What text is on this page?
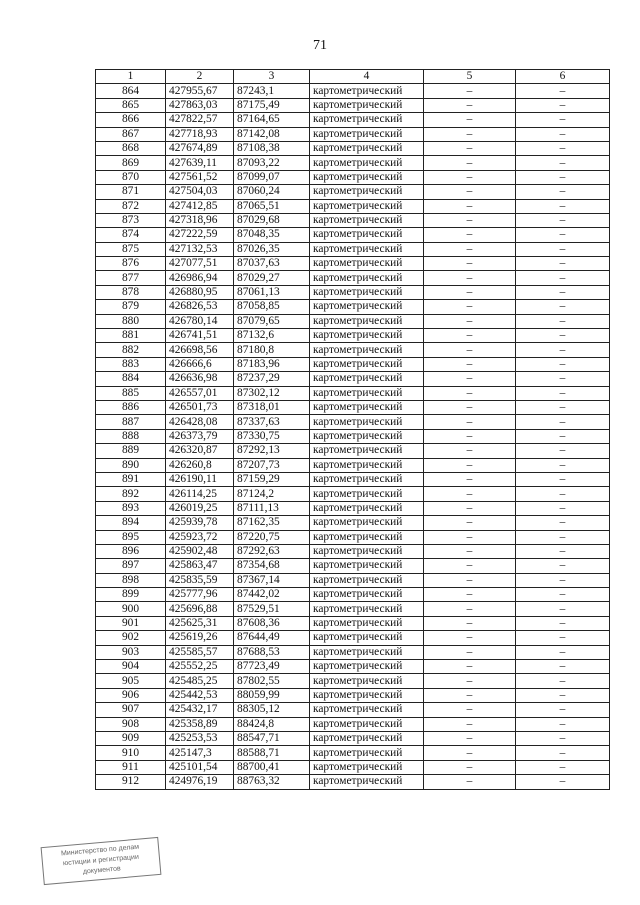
71
1	2	3	4	5	6
864	427955,67	87243,1	картометрический	–	–
865	427863,03	87175,49	картометрический	–	–
866	427822,57	87164,65	картометрический	–	–
867	427718,93	87142,08	картометрический	–	–
868	427674,89	87108,38	картометрический	–	–
869	427639,11	87093,22	картометрический	–	–
870	427561,52	87099,07	картометрический	–	–
871	427504,03	87060,24	картометрический	–	–
872	427412,85	87065,51	картометрический	–	–
873	427318,96	87029,68	картометрический	–	–
874	427222,59	87048,35	картометрический	–	–
875	427132,53	87026,35	картометрический	–	–
876	427077,51	87037,63	картометрический	–	–
877	426986,94	87029,27	картометрический	–	–
878	426880,95	87061,13	картометрический	–	–
879	426826,53	87058,85	картометрический	–	–
880	426780,14	87079,65	картометрический	–	–
881	426741,51	87132,6	картометрический	–	–
882	426698,56	87180,8	картометрический	–	–
883	426666,6	87183,96	картометрический	–	–
884	426636,98	87237,29	картометрический	–	–
885	426557,01	87302,12	картометрический	–	–
886	426501,73	87318,01	картометрический	–	–
887	426428,08	87337,63	картометрический	–	–
888	426373,79	87330,75	картометрический	–	–
889	426320,87	87292,13	картометрический	–	–
890	426260,8	87207,73	картометрический	–	–
891	426190,11	87159,29	картометрический	–	–
892	426114,25	87124,2	картометрический	–	–
893	426019,25	87111,13	картометрический	–	–
894	425939,78	87162,35	картометрический	–	–
895	425923,72	87220,75	картометрический	–	–
896	425902,48	87292,63	картометрический	–	–
897	425863,47	87354,68	картометрический	–	–
898	425835,59	87367,14	картометрический	–	–
899	425777,96	87442,02	картометрический	–	–
900	425696,88	87529,51	картометрический	–	–
901	425625,31	87608,36	картометрический	–	–
902	425619,26	87644,49	картометрический	–	–
903	425585,57	87688,53	картометрический	–	–
904	425552,25	87723,49	картометрический	–	–
905	425485,25	87802,55	картометрический	–	–
906	425442,53	88059,99	картометрический	–	–
907	425432,17	88305,12	картометрический	–	–
908	425358,89	88424,8	картометрический	–	–
909	425253,53	88547,71	картометрический	–	–
910	425147,3	88588,71	картометрический	–	–
911	425101,54	88700,41	картометрический	–	–
912	424976,19	88763,32	картометрический	–	–
Министерство по делам
юстиции и регистрации
документов
